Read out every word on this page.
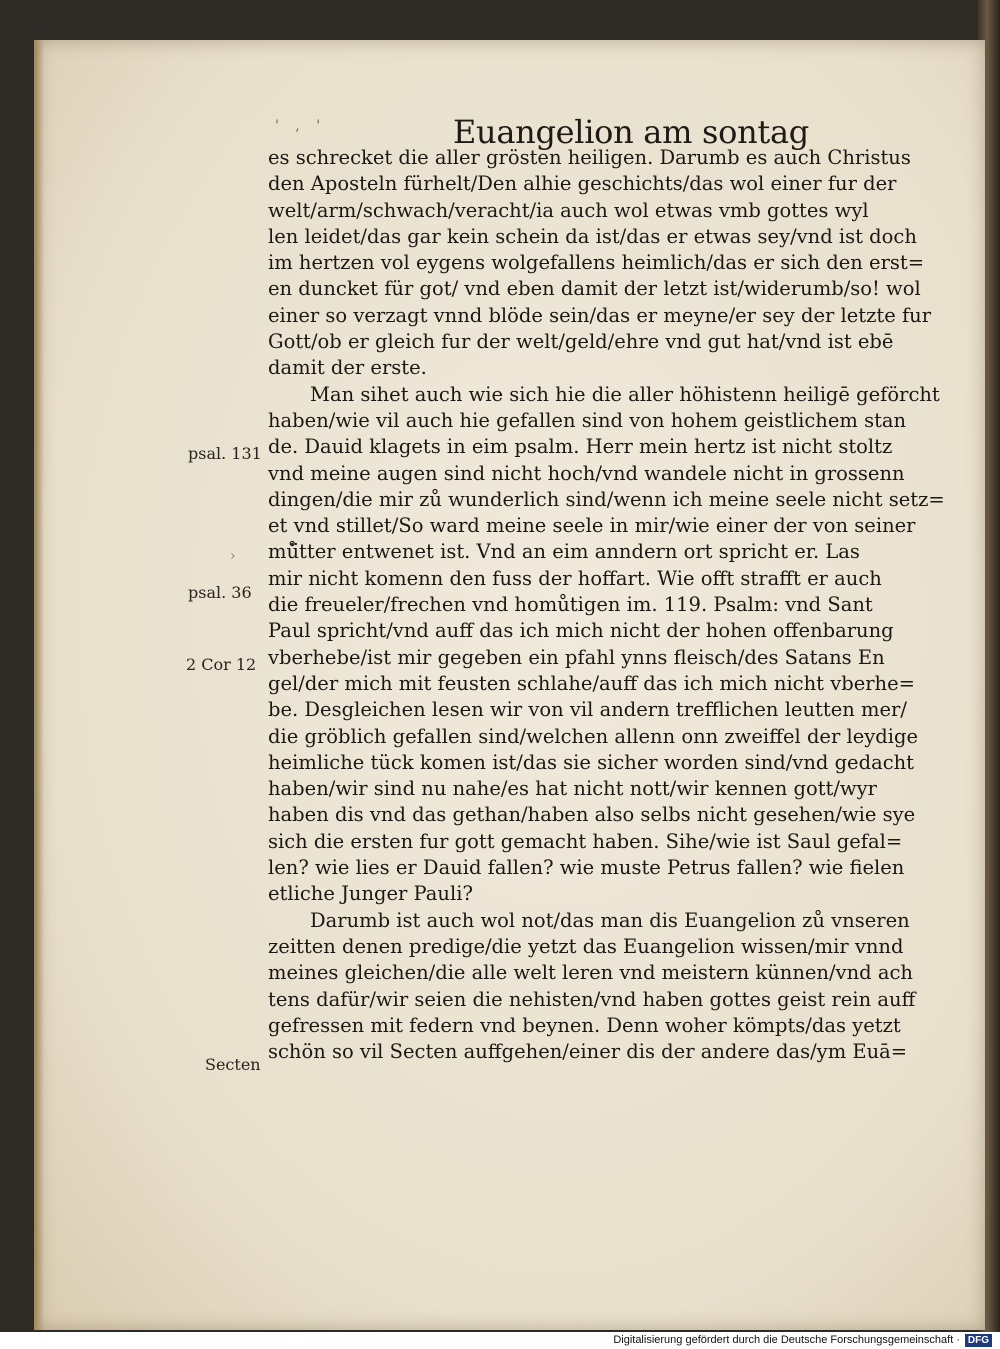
' , '	Euangelion am sontag
›
es schrecket die aller grösten heiligen. Darumb es auch Christus
den Aposteln fürhelt/Den alhie geschichts/das wol einer fur der
welt/arm/schwach/veracht/ia auch wol etwas vmb gottes wyl
len leidet/das gar kein schein da ist/das er etwas sey/vnd ist doch
im hertzen vol eygens wolgefallens heimlich/das er sich den erst=
en duncket für got/ vnd eben damit der letzt ist/widerumb/so! wol
einer so verzagt vnnd blöde sein/das er meyne/er sey der letzte fur
Gott/ob er gleich fur der welt/geld/ehre vnd gut hat/vnd ist ebē
damit der erste.
Man sihet auch wie sich hie die aller höhistenn heiligē geförcht
haben/wie vil auch hie gefallen sind von hohem geistlichem stan
de. Dauid klagets in eim psalm. Herr mein hertz ist nicht stoltz
vnd meine augen sind nicht hoch/vnd wandele nicht in grossenn
dingen/die mir zů wunderlich sind/wenn ich meine seele nicht setz=
et vnd stillet/So ward meine seele in mir/wie einer der von seiner
mů̈tter entwenet ist. Vnd an eim anndern ort spricht er. Las
mir nicht komenn den fuss der hoffart. Wie offt strafft er auch
die freueler/frechen vnd homůtigen im. 119. Psalm: vnd Sant
Paul spricht/vnd auff das ich mich nicht der hohen offenbarung
vberhebe/ist mir gegeben ein pfahl ynns fleisch/des Satans En
gel/der mich mit feusten schlahe/auff das ich mich nicht vberhe=
be. Desgleichen lesen wir von vil andern trefflichen leutten mer/
die gröblich gefallen sind/welchen allenn onn zweiffel der leydige
heimliche tück komen ist/das sie sicher worden sind/vnd gedacht
haben/wir sind nu nahe/es hat nicht nott/wir kennen gott/wyr
haben dis vnd das gethan/haben also selbs nicht gesehen/wie sye
sich die ersten fur gott gemacht haben. Sihe/wie ist Saul gefal=
len? wie lies er Dauid fallen? wie muste Petrus fallen? wie fielen
etliche Junger Pauli?
Darumb ist auch wol not/das man dis Euangelion zů vnseren
zeitten denen predige/die yetzt das Euangelion wissen/mir vnnd
meines gleichen/die alle welt leren vnd meistern künnen/vnd ach
tens dafür/wir seien die nehisten/vnd haben gottes geist rein auff
gefressen mit federn vnd beynen. Denn woher kömpts/das yetzt
schön so vil Secten auffgehen/einer dis der andere das/ym Euā=
psal. 131
psal. 36
2 Cor 12
Secten
Digitalisierung gefördert durch die Deutsche Forschungsgemeinschaft · DFG
